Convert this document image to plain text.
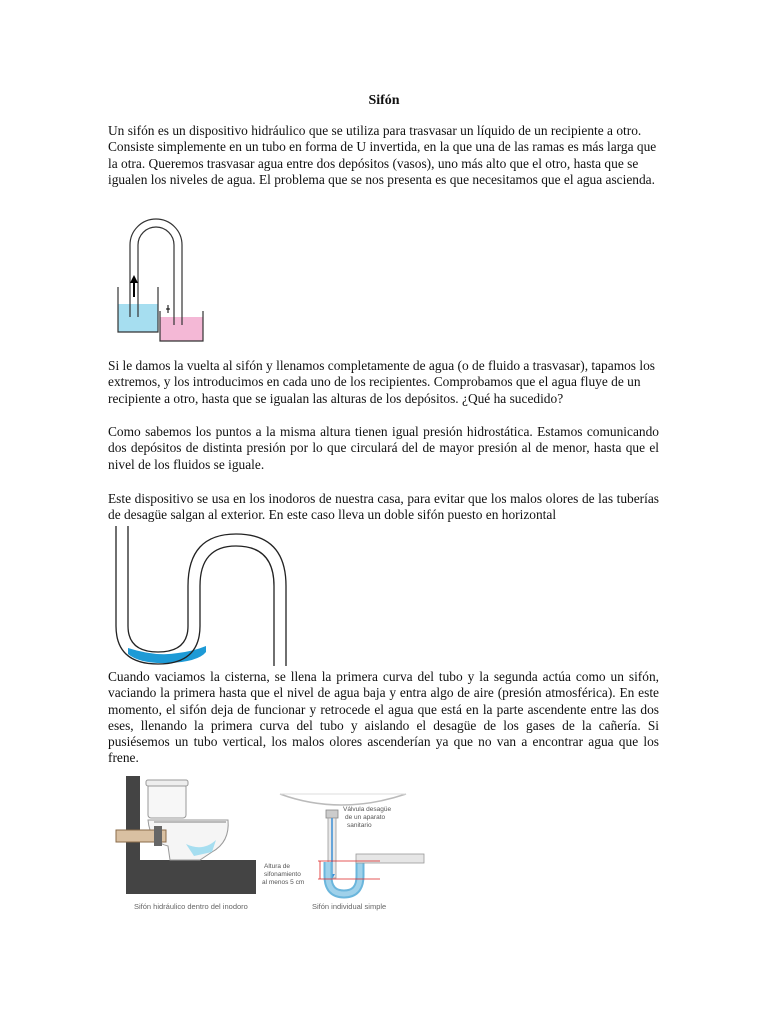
Sifón

Un sifón es un dispositivo hidráulico que se utiliza para trasvasar un líquido de un recipiente a otro. Consiste simplemente en un tubo en forma de U invertida, en la que una de las ramas es más larga que la otra. Queremos trasvasar agua entre dos depósitos (vasos), uno más alto que el otro, hasta que se igualen los niveles de agua. El problema que se nos presenta es que necesitamos que el agua ascienda.

Si le damos la vuelta al sifón y llenamos completamente de agua (o de fluido a trasvasar), tapamos los extremos, y los introducimos en cada uno de los recipientes. Comprobamos que el agua fluye de un recipiente a otro, hasta que se igualan las alturas de los depósitos. ¿Qué ha sucedido?

Como sabemos los puntos a la misma altura tienen igual presión hidrostática. Estamos comunicando dos depósitos de distinta presión por lo que circulará del de mayor presión al de menor, hasta que el nivel de los fluidos se iguale.

Este dispositivo se usa en los inodoros de nuestra casa, para evitar que los malos olores de las tuberías de desagüe salgan al exterior. En este caso lleva un doble sifón puesto en horizontal

Cuando vaciamos la cisterna, se llena la primera curva del tubo y la segunda actúa como un sifón, vaciando la primera hasta que el nivel de agua baja y entra algo de aire (presión atmosférica). En este momento, el sifón deja de funcionar y retrocede el agua que está en la parte ascendente entre las dos eses, llenando la primera curva del tubo y aislando el desagüe de los gases de la cañería. Si pusiésemos un tubo vertical, los malos olores ascenderían ya que no van a encontrar agua que los frene.

Sifón hidráulico dentro del inodoro
Válvula desagüe
de un aparato
sanitario
Altura de
sifonamiento
al menos 5 cm
Sifón individual simple
